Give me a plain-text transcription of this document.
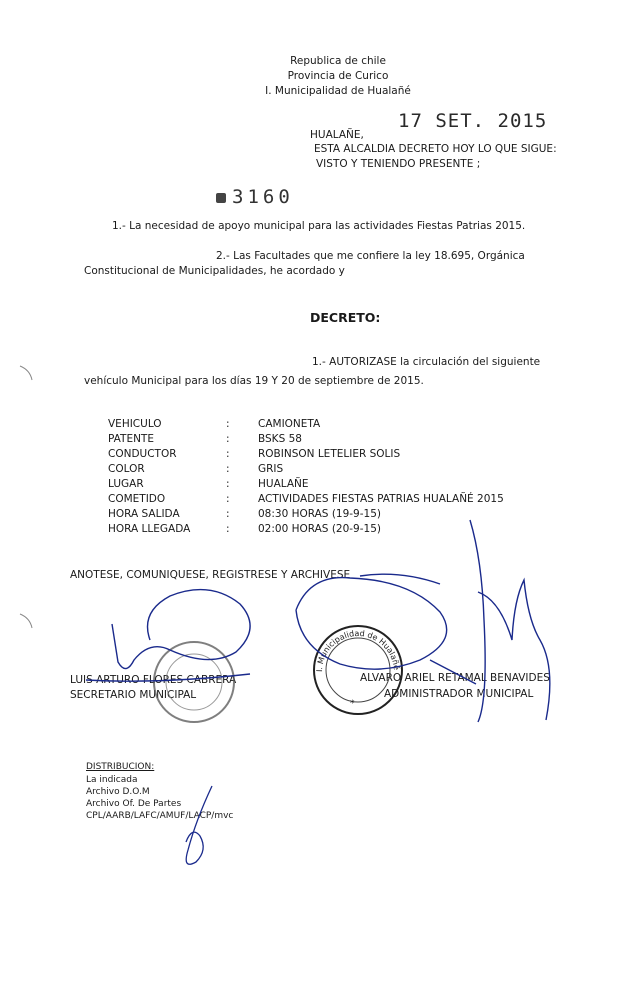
Republica de chile
Provincia de Curico
I. Municipalidad de Hualañé
HUALAÑE,
17 SET. 2015
ESTA ALCALDIA DECRETO HOY LO QUE SIGUE:
VISTO Y TENIENDO PRESENTE ;
3160
1.- La necesidad de apoyo municipal para las actividades Fiestas Patrias 2015.
2.- Las Facultades que me confiere la ley 18.695, Orgánica
Constitucional de Municipalidades, he acordado y
DECRETO:
1.- AUTORIZASE la circulación del siguiente
vehículo Municipal para los días 19 Y 20 de septiembre de 2015.
VEHICULO	:	CAMIONETA
PATENTE	:	BSKS 58
CONDUCTOR	:	ROBINSON LETELIER SOLIS
COLOR	:	GRIS
LUGAR	:	HUALAÑE
COMETIDO	:	ACTIVIDADES FIESTAS PATRIAS HUALAÑÉ 2015
HORA SALIDA	:	08:30 HORAS (19-9-15)
HORA LLEGADA	:	02:00 HORAS (20-9-15)
ANOTESE, COMUNIQUESE, REGISTRESE Y ARCHIVESE
LUIS ARTURO FLORES CABRERA
SECRETARIO MUNICIPAL
ALVARO ARIEL RETAMAL BENAVIDES
ADMINISTRADOR MUNICIPAL
DISTRIBUCION:
La indicada
Archivo D.O.M
Archivo Of. De Partes
CPL/AARB/LAFC/AMUF/LACP/mvc
I. Municipalidad de Hualañé
*
